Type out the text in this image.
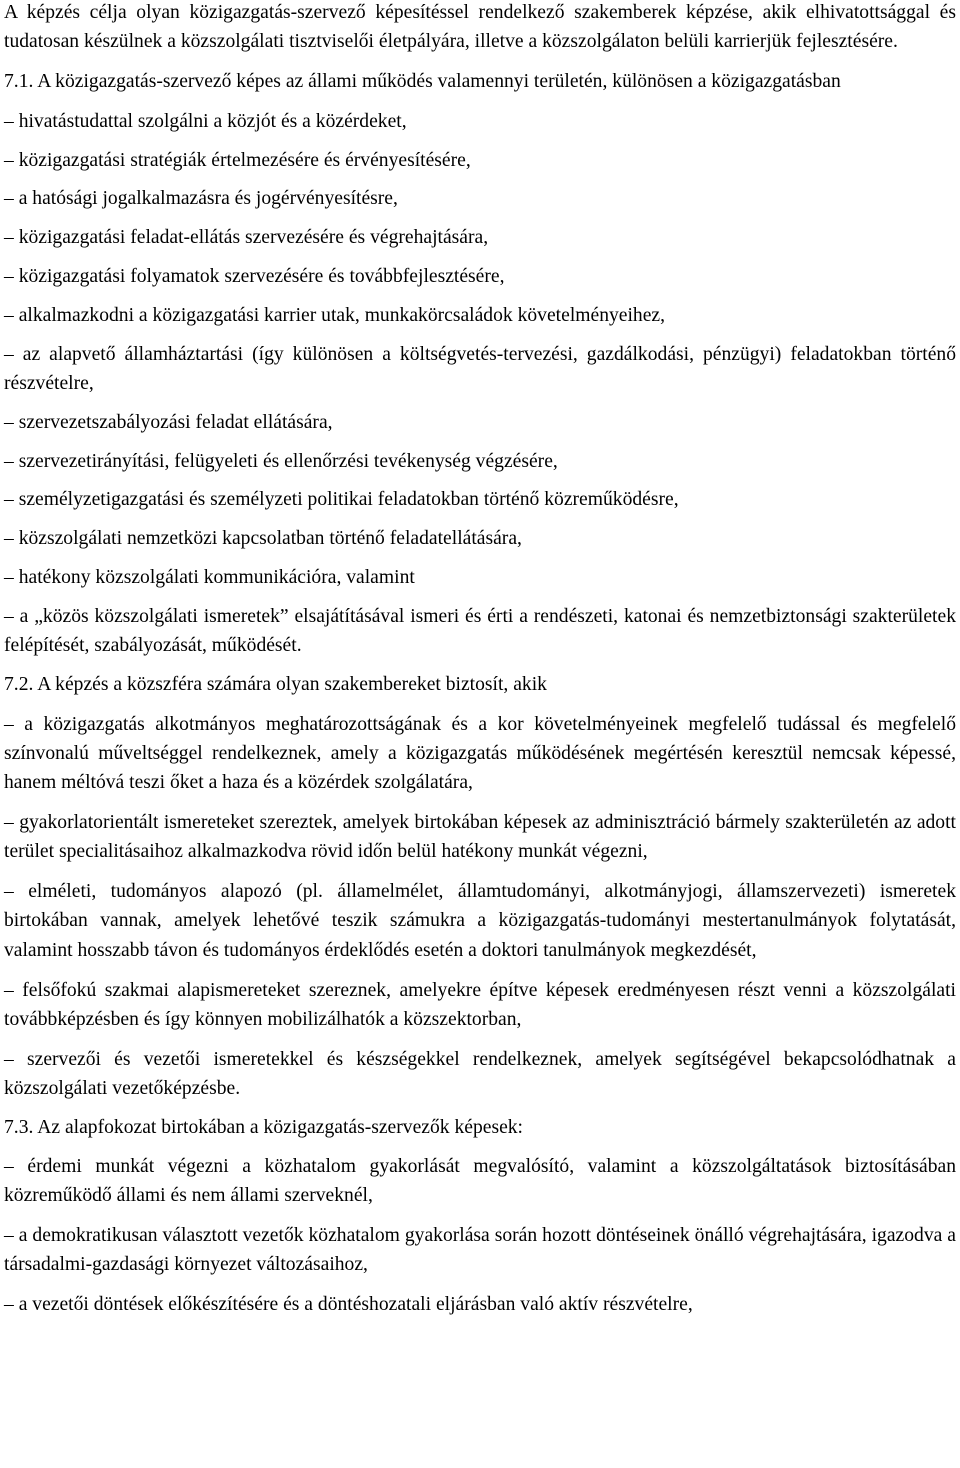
A képzés célja olyan közigazgatás-szervező képesítéssel rendelkező szakemberek képzése, akik elhivatottsággal és tudatosan készülnek a közszolgálati tisztviselői életpályára, illetve a közszolgálaton belüli karrierjük fejlesztésére.

7.1. A közigazgatás-szervező képes az állami működés valamennyi területén, különösen a közigazgatásban

– hivatástudattal szolgálni a közjót és a közérdeket,

– közigazgatási stratégiák értelmezésére és érvényesítésére,

– a hatósági jogalkalmazásra és jogérvényesítésre,

– közigazgatási feladat-ellátás szervezésére és végrehajtására,

– közigazgatási folyamatok szervezésére és továbbfejlesztésére,

– alkalmazkodni a közigazgatási karrier utak, munkakörcsaládok követelményeihez,

– az alapvető államháztartási (így különösen a költségvetés-tervezési, gazdálkodási, pénzügyi) feladatokban történő részvételre,

– szervezetszabályozási feladat ellátására,

– szervezetirányítási, felügyeleti és ellenőrzési tevékenység végzésére,

– személyzetigazgatási és személyzeti politikai feladatokban történő közreműködésre,

– közszolgálati nemzetközi kapcsolatban történő feladatellátására,

– hatékony közszolgálati kommunikációra, valamint

– a „közös közszolgálati ismeretek” elsajátításával ismeri és érti a rendészeti, katonai és nemzetbiztonsági szakterületek felépítését, szabályozását, működését.

7.2. A képzés a közszféra számára olyan szakembereket biztosít, akik

– a közigazgatás alkotmányos meghatározottságának és a kor követelményeinek megfelelő tudással és megfelelő színvonalú műveltséggel rendelkeznek, amely a közigazgatás működésének megértésén keresztül nemcsak képessé, hanem méltóvá teszi őket a haza és a közérdek szolgálatára,

– gyakorlatorientált ismereteket szereztek, amelyek birtokában képesek az adminisztráció bármely szakterületén az adott terület specialitásaihoz alkalmazkodva rövid időn belül hatékony munkát végezni,

– elméleti, tudományos alapozó (pl. államelmélet, államtudományi, alkotmányjogi, államszervezeti) ismeretek birtokában vannak, amelyek lehetővé teszik számukra a közigazgatás-tudományi mestertanulmányok folytatását, valamint hosszabb távon és tudományos érdeklődés esetén a doktori tanulmányok megkezdését,

– felsőfokú szakmai alapismereteket szereznek, amelyekre építve képesek eredményesen részt venni a közszolgálati továbbképzésben és így könnyen mobilizálhatók a közszektorban,

– szervezői és vezetői ismeretekkel és készségekkel rendelkeznek, amelyek segítségével bekapcsolódhatnak a közszolgálati vezetőképzésbe.

7.3. Az alapfokozat birtokában a közigazgatás-szervezők képesek:

– érdemi munkát végezni a közhatalom gyakorlását megvalósító, valamint a közszolgáltatások biztosításában közreműködő állami és nem állami szerveknél,

– a demokratikusan választott vezetők közhatalom gyakorlása során hozott döntéseinek önálló végrehajtására, igazodva a társadalmi-gazdasági környezet változásaihoz,

– a vezetői döntések előkészítésére és a döntéshozatali eljárásban való aktív részvételre,
